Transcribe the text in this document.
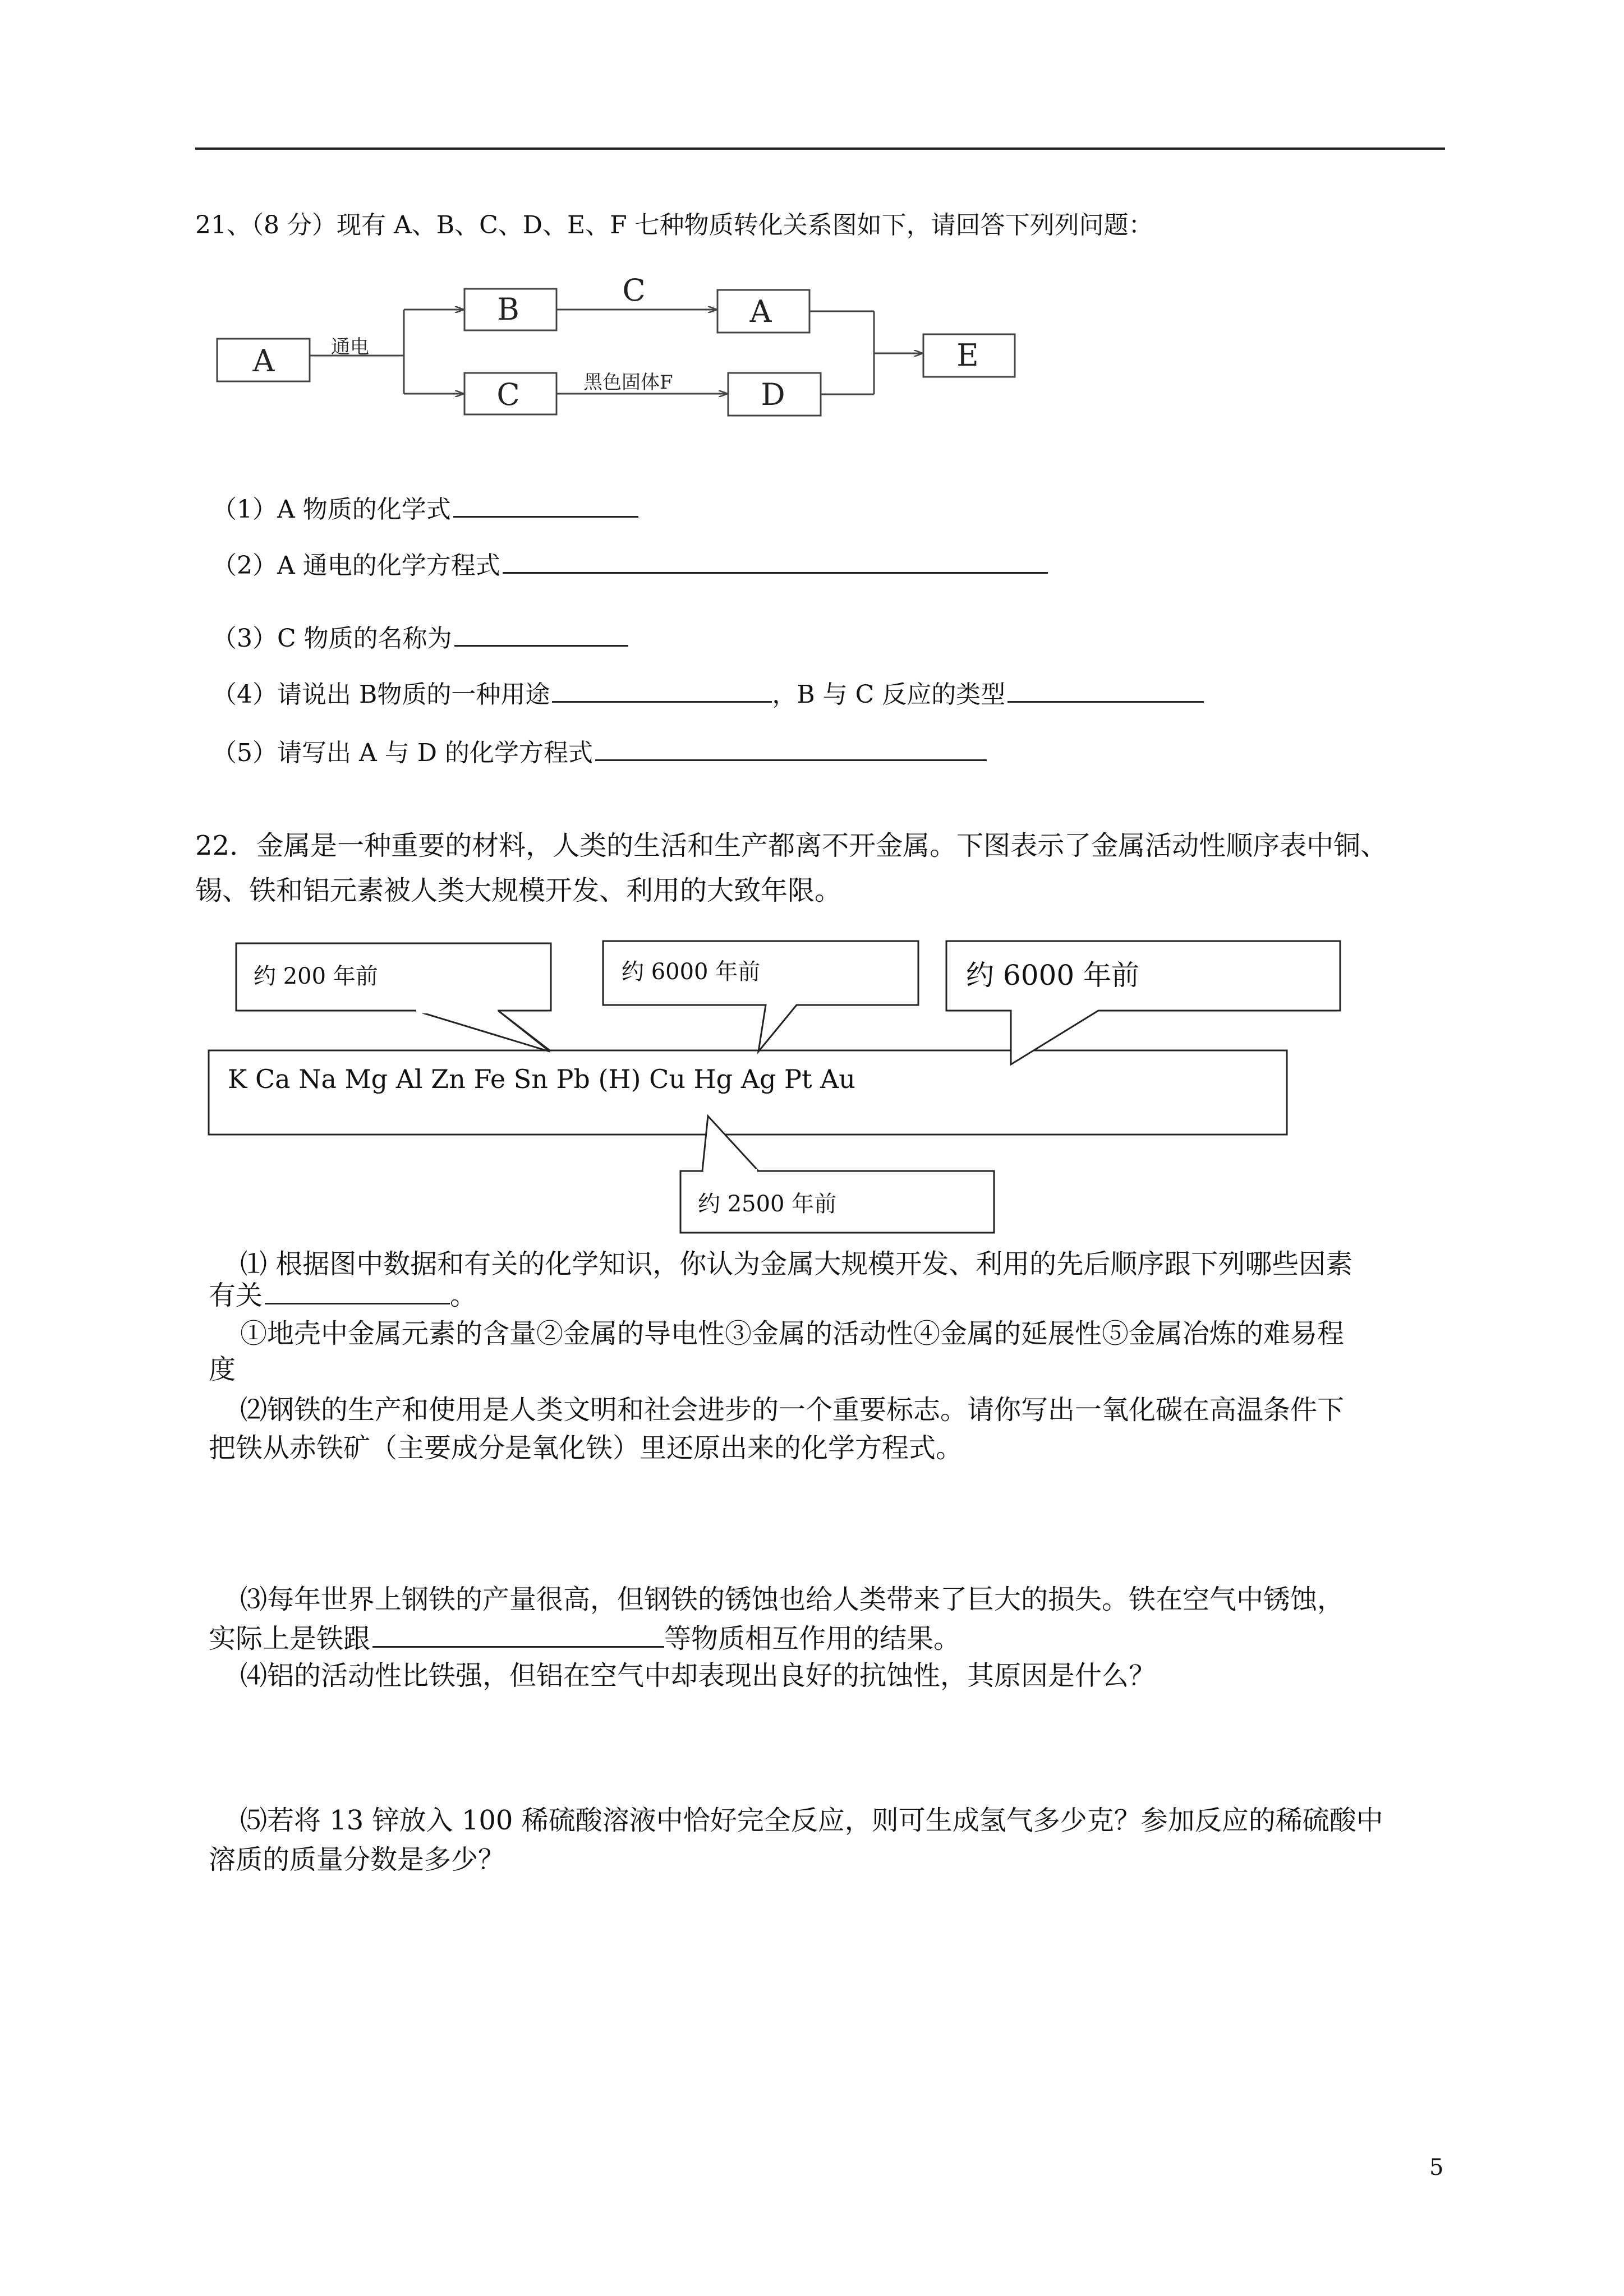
21、（8 分）现有 A、B、C、D、E、F 七种物质转化关系图如下，请回答下列列问题：
A
B
C
A
D
E
C
通电
黑色固体F
（1）A 物质的化学式
（2）A 通电的化学方程式
（3）C 物质的名称为
（4）请说出 B物质的一种用途	，B 与 C 反应的类型
（5）请写出 A 与 D 的化学方程式
22．金属是一种重要的材料，人类的生活和生产都离不开金属。下图表示了金属活动性顺序表中铜、
锡、铁和铝元素被人类大规模开发、利用的大致年限。
K Ca Na Mg Al Zn Fe Sn Pb (H) Cu Hg Ag Pt Au
约 200 年前	约 6000 年前	约 6000 年前
约 2500 年前
⑴ 根据图中数据和有关的化学知识，你认为金属大规模开发、利用的先后顺序跟下列哪些因素
有关	。
①地壳中金属元素的含量②金属的导电性③金属的活动性④金属的延展性⑤金属冶炼的难易程
度
⑵钢铁的生产和使用是人类文明和社会进步的一个重要标志。请你写出一氧化碳在高温条件下
把铁从赤铁矿（主要成分是氧化铁）里还原出来的化学方程式。
⑶每年世界上钢铁的产量很高，但钢铁的锈蚀也给人类带来了巨大的损失。铁在空气中锈蚀，
实际上是铁跟	等物质相互作用的结果。
⑷铝的活动性比铁强，但铝在空气中却表现出良好的抗蚀性，其原因是什么？
⑸若将 13 锌放入 100 稀硫酸溶液中恰好完全反应，则可生成氢气多少克？参加反应的稀硫酸中
溶质的质量分数是多少？
5
